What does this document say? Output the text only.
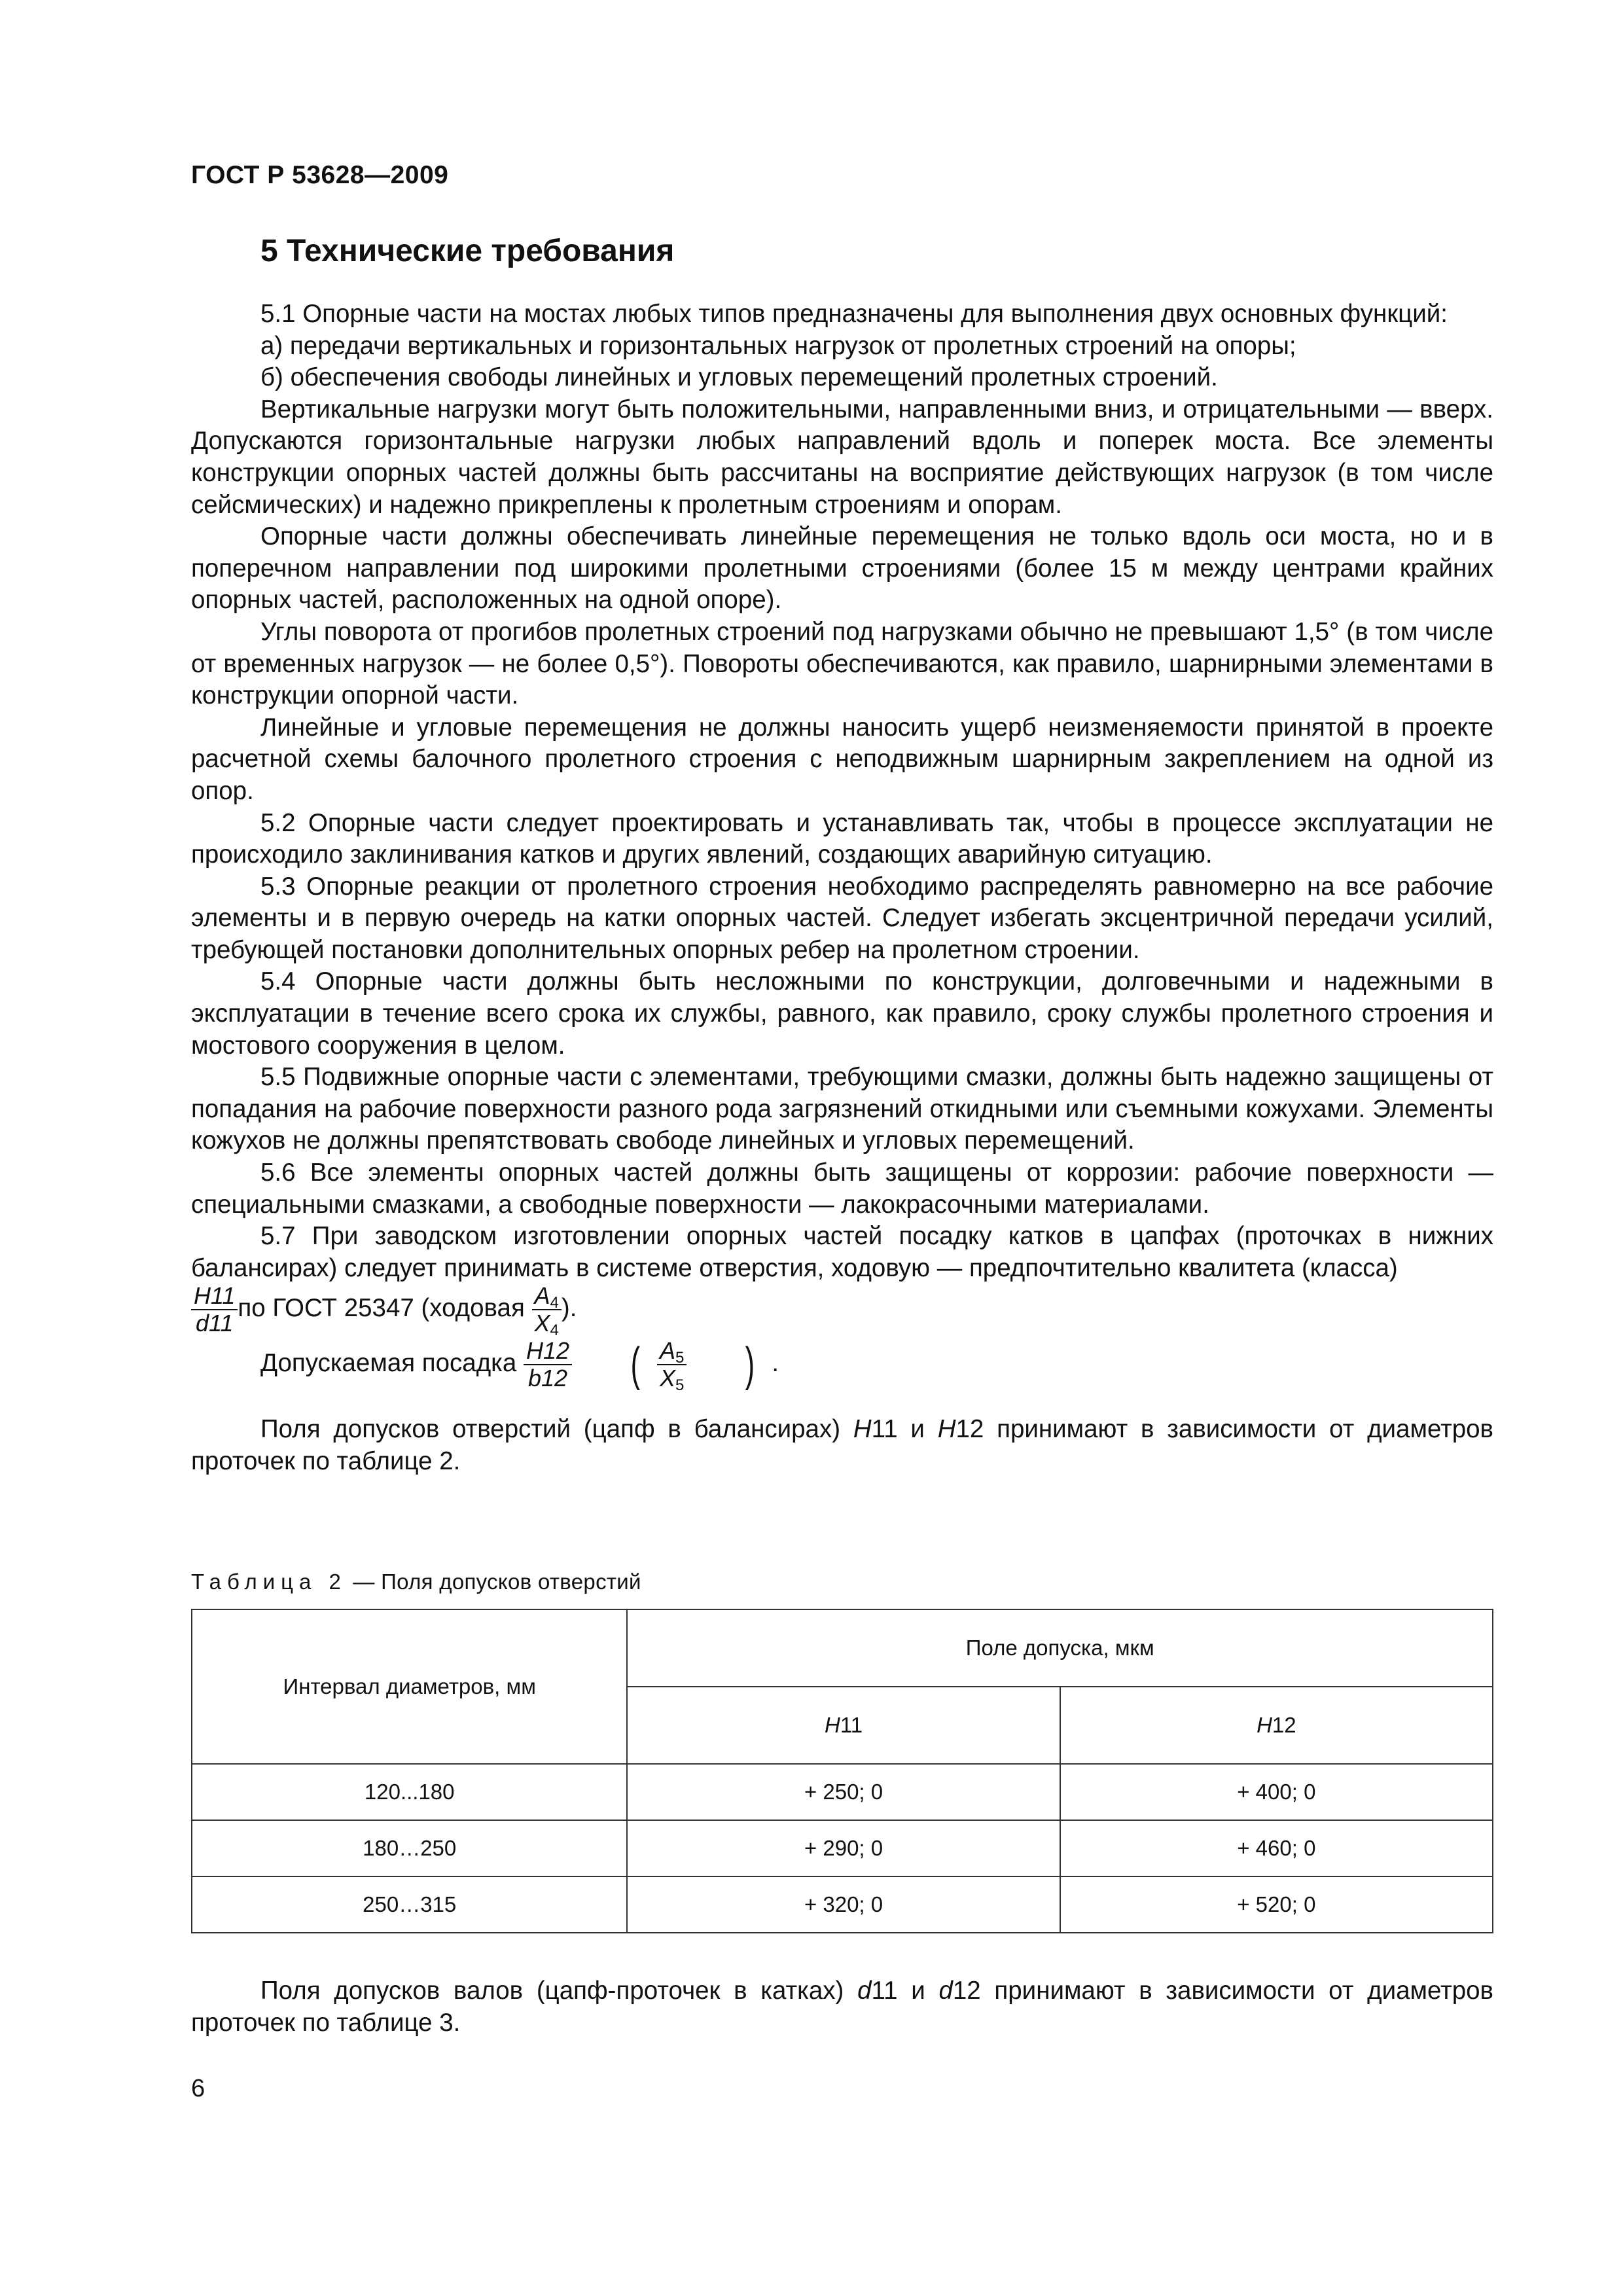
ГОСТ Р 53628—2009
5 Технические требования

5.1 Опорные части на мостах любых типов предназначены для выполнения двух основных функций:

а) передачи вертикальных и горизонтальных нагрузок от пролетных строений на опоры;

б) обеспечения свободы линейных и угловых перемещений пролетных строений.

Вертикальные нагрузки могут быть положительными, направленными вниз, и отрицательными — вверх. Допускаются горизонтальные нагрузки любых направлений вдоль и поперек моста. Все элементы конструкции опорных частей должны быть рассчитаны на восприятие действующих нагрузок (в том числе сейсмических) и надежно прикреплены к пролетным строениям и опорам.

Опорные части должны обеспечивать линейные перемещения не только вдоль оси моста, но и в поперечном направлении под широкими пролетными строениями (более 15 м между центрами крайних опорных частей, расположенных на одной опоре).

Углы поворота от прогибов пролетных строений под нагрузками обычно не превышают 1,5° (в том числе от временных нагрузок — не более 0,5°). Повороты обеспечиваются, как правило, шарнирными элементами в конструкции опорной части.

Линейные и угловые перемещения не должны наносить ущерб неизменяемости принятой в проекте расчетной схемы балочного пролетного строения с неподвижным шарнирным закреплением на одной из опор.

5.2 Опорные части следует проектировать и устанавливать так, чтобы в процессе эксплуатации не происходило заклинивания катков и других явлений, создающих аварийную ситуацию.

5.3 Опорные реакции от пролетного строения необходимо распределять равномерно на все рабочие элементы и в первую очередь на катки опорных частей. Следует избегать эксцентричной передачи усилий, требующей постановки дополнительных опорных ребер на пролетном строении.

5.4 Опорные части должны быть несложными по конструкции, долговечными и надежными в эксплуатации в течение всего срока их службы, равного, как правило, сроку службы пролетного строения и мостового сооружения в целом.

5.5 Подвижные опорные части с элементами, требующими смазки, должны быть надежно защищены от попадания на рабочие поверхности разного рода загрязнений откидными или съемными кожухами. Элементы кожухов не должны препятствовать свободе линейных и угловых перемещений.

5.6 Все элементы опорных частей должны быть защищены от коррозии: рабочие поверхности — специальными смазками, а свободные поверхности — лакокрасочными материалами.

5.7 При заводском изготовлении опорных частей посадку катков в цапфах (проточках в нижних балансирах) следует принимать в системе отверстия, ходовую — предпочтительно квалитета (класса)

$\frac{H11}{d11}$ по ГОСТ 25347 (ходовая $\frac{A_4}{X_4}$ ).

Допускаемая посадка $\frac{H12}{b12}$ ( $\frac{A_5}{X_5}$ ) .

Поля допусков отверстий (цапф в балансирах) H11 и H12 принимают в зависимости от диаметров проточек по таблице 2.

Таблица 2 — Поля допусков отверстий
Интервал диаметров, мм	Поле допуска, мкм	
	H11	H12
120...180	+ 250; 0	+ 400; 0
180…250	+ 290; 0	+ 460; 0
250…315	+ 320; 0	+ 520; 0

Поля допусков валов (цапф-проточек в катках) d11 и d12 принимают в зависимости от диаметров проточек по таблице 3.

6
